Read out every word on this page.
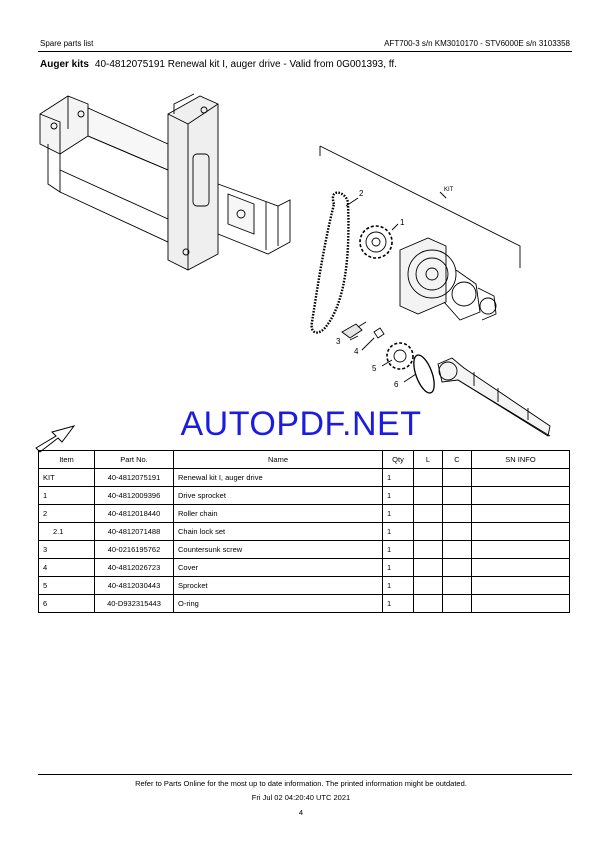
Spare parts list	AFT700-3 s/n KM3010170 - STV6000E s/n 3103358
Auger kits 40-4812075191 Renewal kit I, auger drive - Valid from 0G001393, ff.
1
2
3
4
5
6
KIT
AUTOPDF.NET
Item	Part No.	Name	Qty	L	C	SN INFO
KIT	40-4812075191	Renewal kit I, auger drive	1			
1	40-4812009396	Drive sprocket	1			
2	40-4812018440	Roller chain	1			
2.1	40-4812071488	Chain lock set	1			
3	40-0216195762	Countersunk screw	1			
4	40-4812026723	Cover	1			
5	40-4812030443	Sprocket	1			
6	40-D932315443	O-ring	1			
Refer to Parts Online for the most up to date information. The printed information might be outdated.
Fri Jul 02 04:20:40 UTC 2021
4
